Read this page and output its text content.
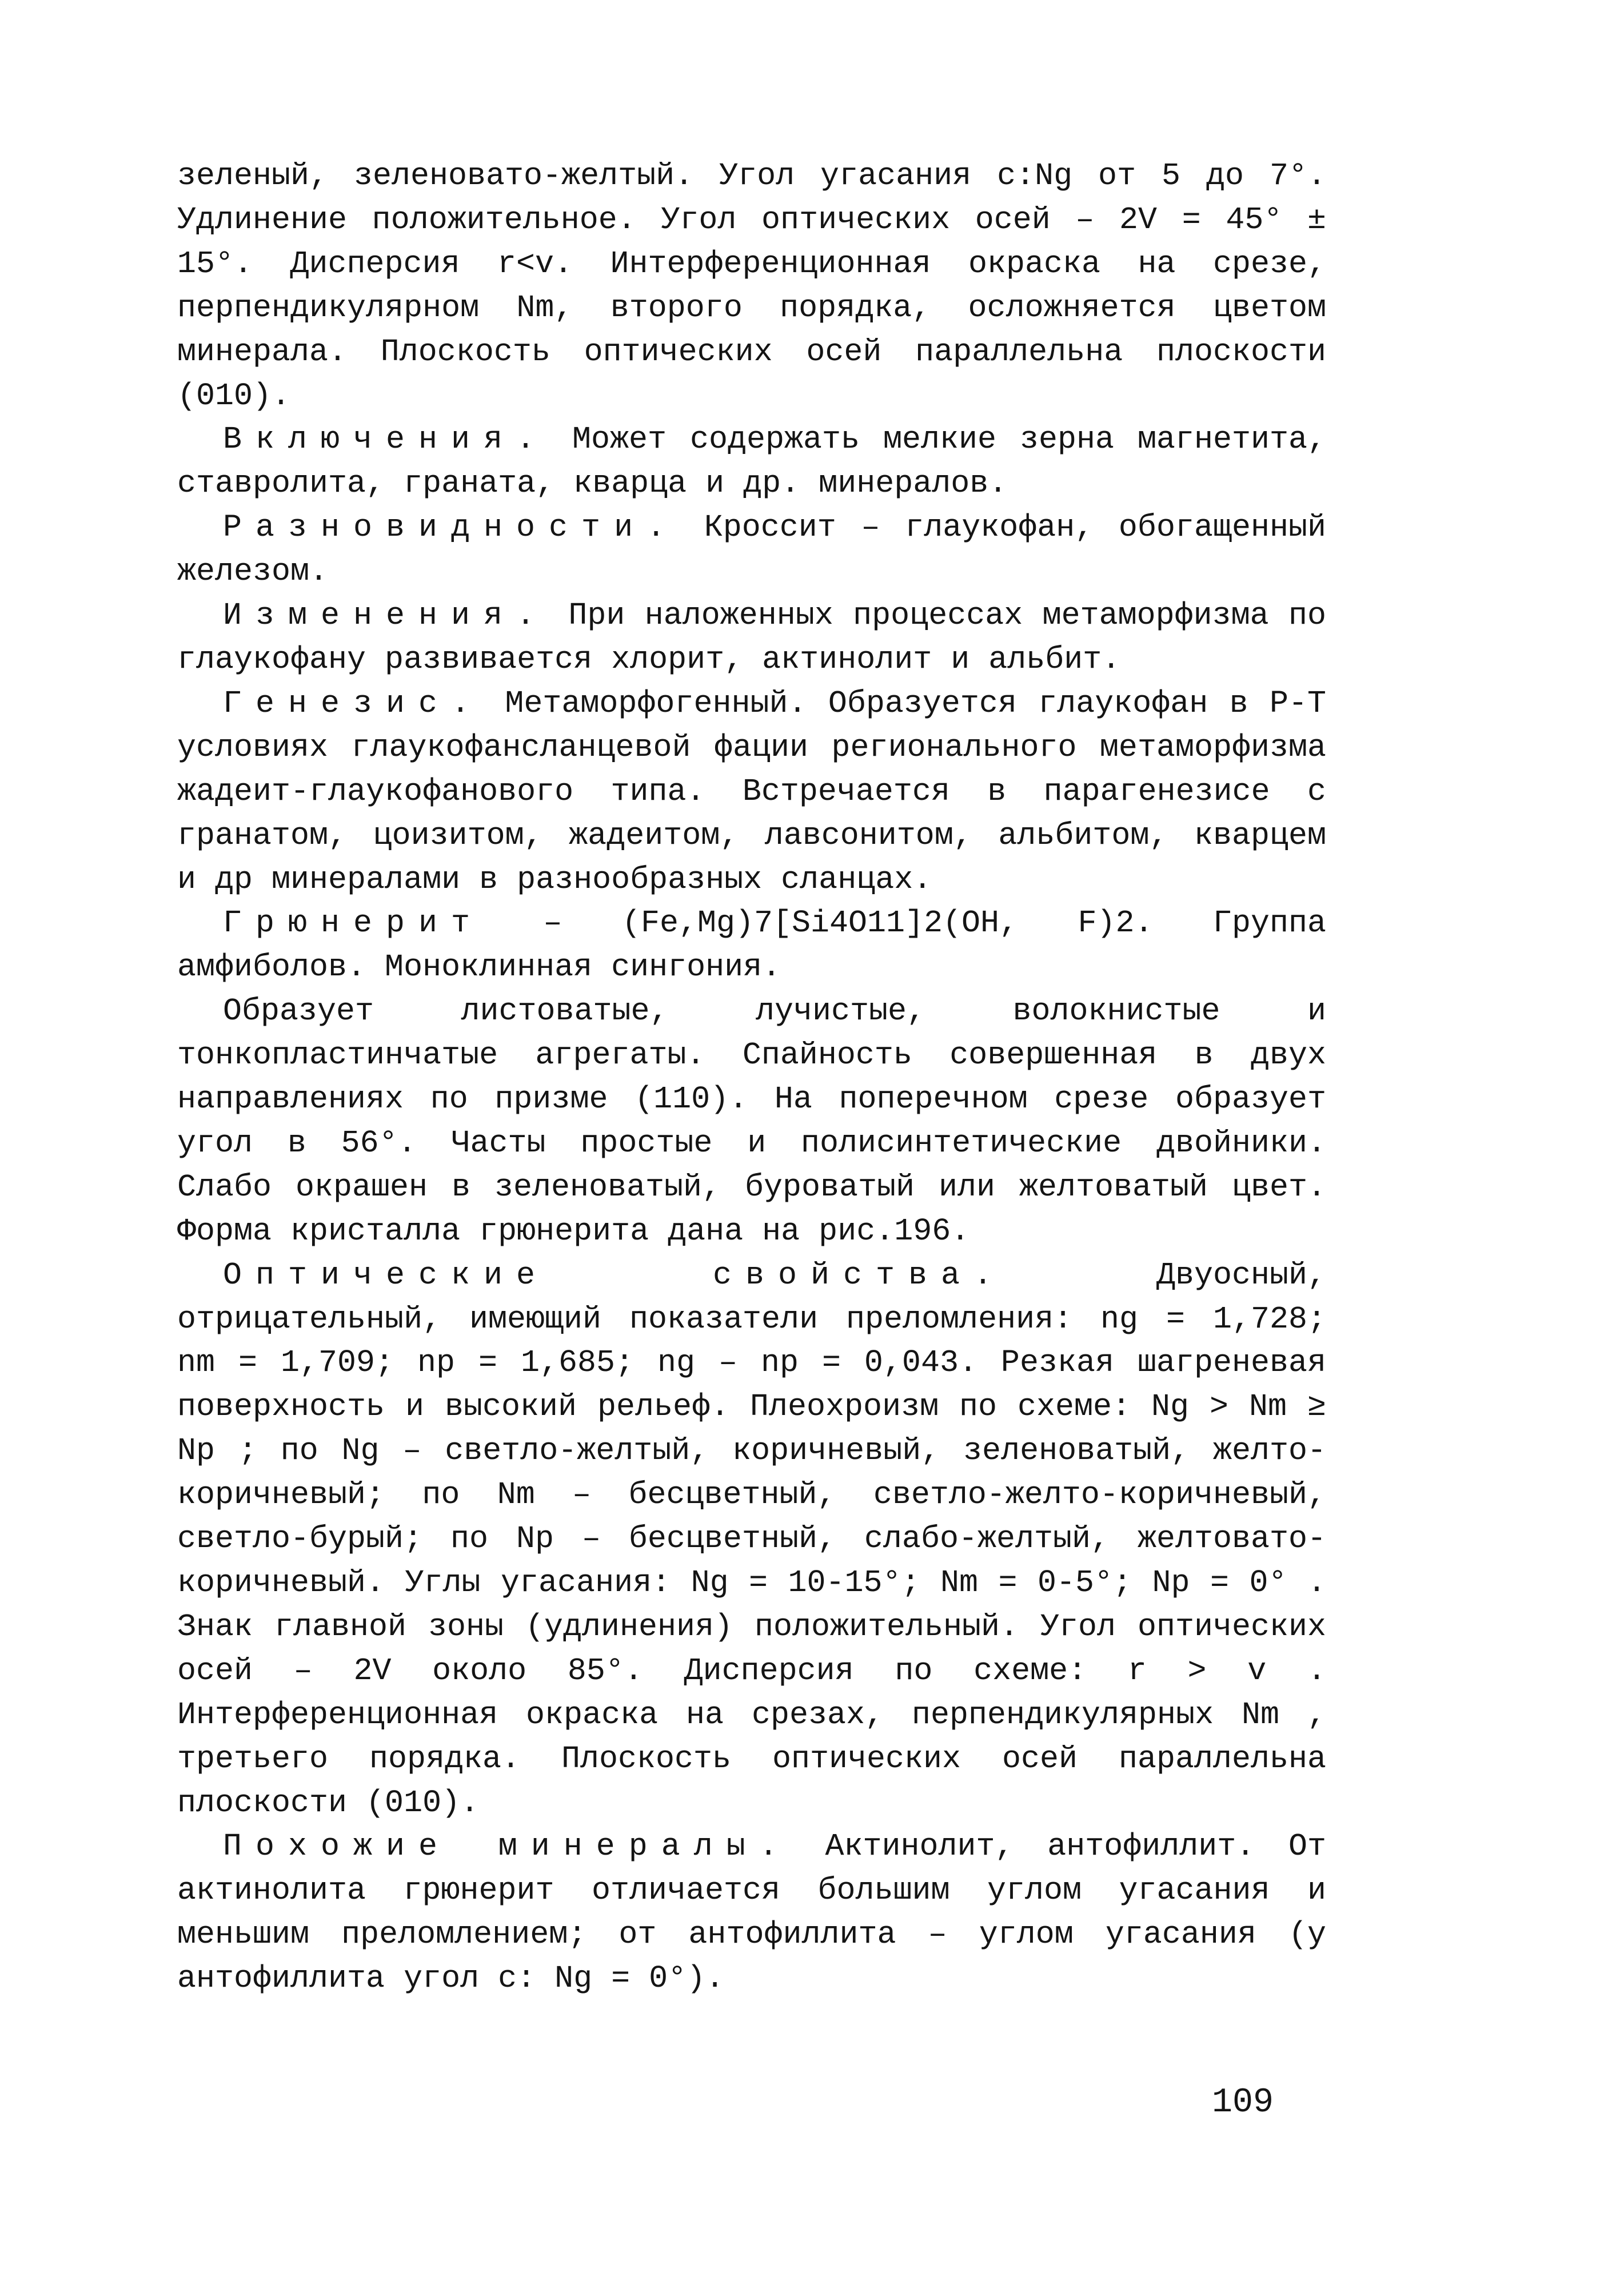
зеленый, зеленовато-желтый. Угол угасания c:Ng от 5 до 7°. Удлинение положительное. Угол оптических осей – 2V = 45° ± 15°. Дисперсия r<v. Интерференционная окраска на срезе, перпендикулярном Nm, второго порядка, осложняется цветом минерала. Плоскость оптических осей параллельна плоскости (010).

Включения. Может содержать мелкие зерна магнетита, ставролита, граната, кварца и др. минералов.

Разновидности. Кроссит – глаукофан, обогащенный железом.

Изменения. При наложенных процессах метаморфизма по глаукофану развивается хлорит, актинолит и альбит.

Генезис. Метаморфогенный. Образуется глаукофан в Р-Т условиях глаукофансланцевой фации регионального метаморфизма жадеит-глаукофанового типа. Встречается в парагенезисе с гранатом, цоизитом, жадеитом, лавсонитом, альбитом, кварцем и др минералами в разнообразных сланцах.

Грюнерит – (Fe,Mg)7[Si4O11]2(OH, F)2. Группа амфиболов. Моноклинная сингония.

Образует листоватые, лучистые, волокнистые и тонкопластинчатые агрегаты. Спайность совершенная в двух направлениях по призме (110). На поперечном срезе образует угол в 56°. Часты простые и полисинтетические двойники. Слабо окрашен в зеленоватый, буроватый или желтоватый цвет. Форма кристалла грюнерита дана на рис.196.

Оптические свойства. Двуосный, отрицательный, имеющий показатели преломления: ng = 1,728; nm = 1,709; np = 1,685; ng – np = 0,043. Резкая шагреневая поверхность и высокий рельеф. Плеохроизм по схеме: Ng > Nm ≥ Np ; по Ng – светло-желтый, коричневый, зеленоватый, желто-коричневый; по Nm – бесцветный, светло-желто-коричневый, светло-бурый; по Np – бесцветный, слабо-желтый, желтовато-коричневый. Углы угасания: Ng = 10-15°; Nm = 0-5°; Np = 0° . Знак главной зоны (удлинения) положительный. Угол оптических осей – 2V около 85°. Дисперсия по схеме: r > v . Интерференционная окраска на срезах, перпендикулярных Nm , третьего порядка. Плоскость оптических осей параллельна плоскости (010).

Похожие минералы. Актинолит, антофиллит. От актинолита грюнерит отличается большим углом угасания и меньшим преломлением; от антофиллита – углом угасания (у антофиллита угол c: Ng = 0°).

109
